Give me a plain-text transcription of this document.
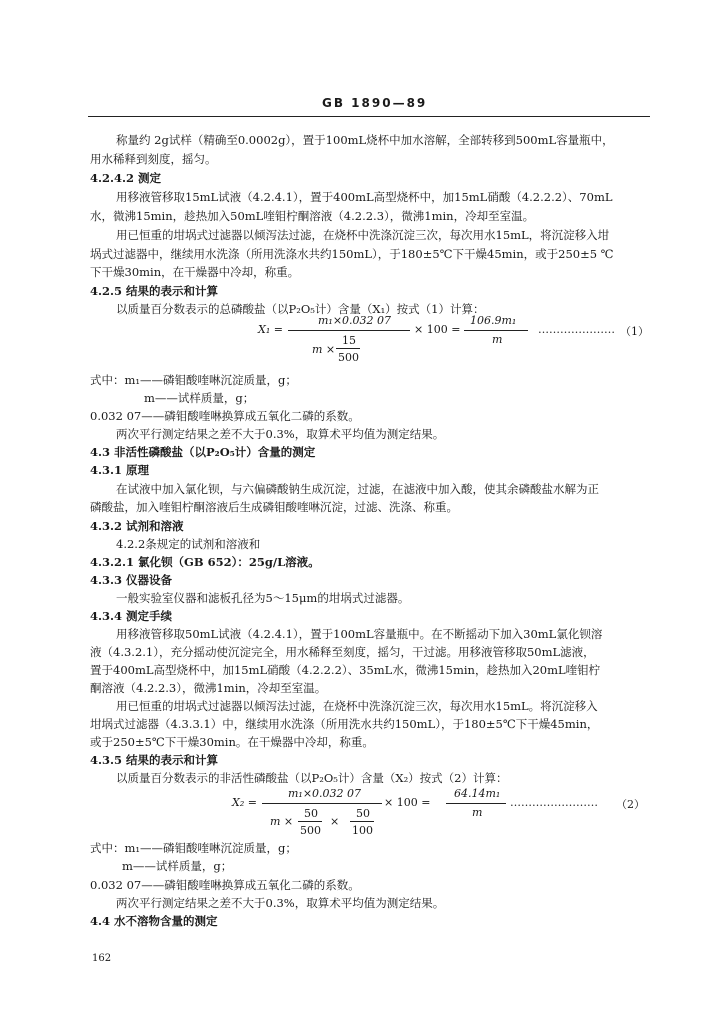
GB 1890—89
称量约 2g试样（精确至0.0002g），置于100mL烧杯中加水溶解，全部转移到500mL容量瓶中，
用水稀释到刻度，摇匀。
4.2.4.2 测定
用移液管移取15mL试液（4.2.4.1），置于400mL高型烧杯中，加15mL硝酸（4.2.2.2）、70mL
水，微沸15min，趁热加入50mL喹钼柠酮溶液（4.2.2.3），微沸1min，冷却至室温。
用已恒重的坩埚式过滤器以倾泻法过滤，在烧杯中洗涤沉淀三次，每次用水15mL，将沉淀移入坩
埚式过滤器中，继续用水洗涤（所用洗涤水共约150mL），于180±5℃下干燥45min，或于250±5 ℃
下干燥30min，在干燥器中冷却，称重。
4.2.5 结果的表示和计算
以质量百分数表示的总磷酸盐（以P₂O₅计）含量（X₁）按式（1）计算：
X₁ =
m₁×0.032 07
m ×
15
500
× 100 =
106.9m₁
m
………………… （1）
式中：m₁——磷钼酸喹啉沉淀质量，g；
m——试样质量，g；
0.032 07——磷钼酸喹啉换算成五氧化二磷的系数。
两次平行测定结果之差不大于0.3%，取算术平均值为测定结果。
4.3 非活性磷酸盐（以P₂O₅计）含量的测定
4.3.1 原理
在试液中加入氯化钡，与六偏磷酸钠生成沉淀，过滤，在滤液中加入酸，使其余磷酸盐水解为正
磷酸盐，加入喹钼柠酮溶液后生成磷钼酸喹啉沉淀，过滤、洗涤、称重。
4.3.2 试剂和溶液
4.2.2条规定的试剂和溶液和
4.3.2.1 氯化钡（GB 652）：25g/L溶液。
4.3.3 仪器设备
一般实验室仪器和滤板孔径为5～15μm的坩埚式过滤器。
4.3.4 测定手续
用移液管移取50mL试液（4.2.4.1），置于100mL容量瓶中。在不断摇动下加入30mL氯化钡溶
液（4.3.2.1），充分摇动使沉淀完全，用水稀释至刻度，摇匀，干过滤。用移液管移取50mL滤液，
置于400mL高型烧杯中，加15mL硝酸（4.2.2.2）、35mL水，微沸15min，趁热加入20mL喹钼柠
酮溶液（4.2.2.3），微沸1min，冷却至室温。
用已恒重的坩埚式过滤器以倾泻法过滤，在烧杯中洗涤沉淀三次，每次用水15mL。将沉淀移入
坩埚式过滤器（4.3.3.1）中，继续用水洗涤（所用洗水共约150mL），于180±5℃下干燥45min，
或于250±5℃下干燥30min。在干燥器中冷却，称重。
4.3.5 结果的表示和计算
以质量百分数表示的非活性磷酸盐（以P₂O₅计）含量（X₂）按式（2）计算：
X₂ =
m₁×0.032 07
m ×
50
500
×
50
100
× 100 =
64.14m₁
m
…………………… （2）
式中：m₁——磷钼酸喹啉沉淀质量，g；
m——试样质量，g；
0.032 07——磷钼酸喹啉换算成五氧化二磷的系数。
两次平行测定结果之差不大于0.3%，取算术平均值为测定结果。
4.4 水不溶物含量的测定
162
